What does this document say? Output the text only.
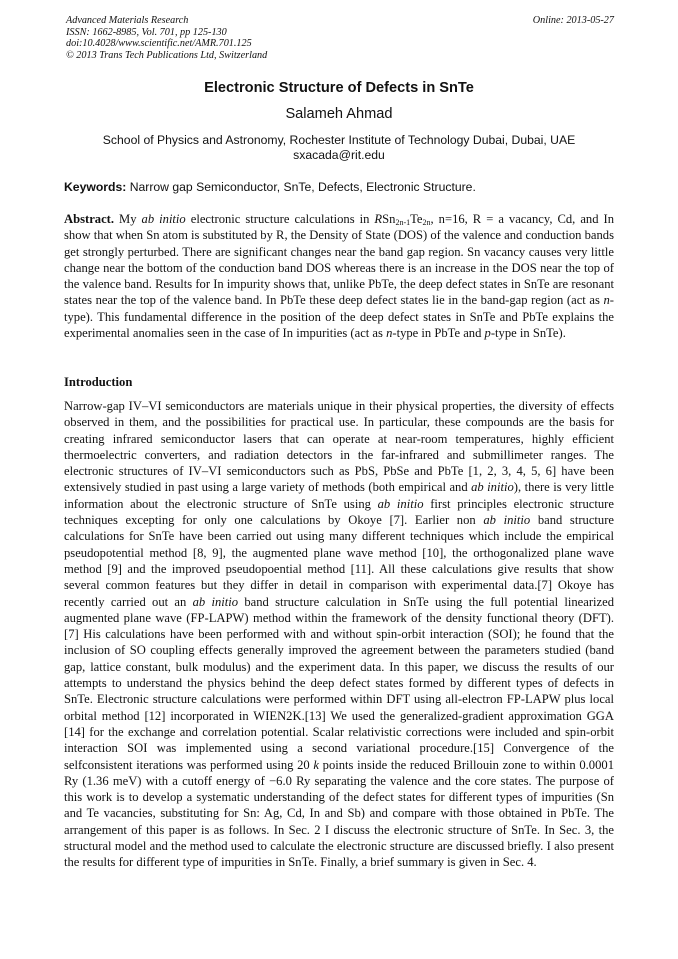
Advanced Materials Research
ISSN: 1662-8985, Vol. 701, pp 125-130
doi:10.4028/www.scientific.net/AMR.701.125
© 2013 Trans Tech Publications Ltd, Switzerland
Online: 2013-05-27
Electronic Structure of Defects in SnTe
Salameh Ahmad
School of Physics and Astronomy, Rochester Institute of Technology Dubai, Dubai, UAE
sxacada@rit.edu
Keywords: Narrow gap Semiconductor, SnTe, Defects, Electronic Structure.
Abstract. My ab initio electronic structure calculations in $RSn_{2n-1}Te_{2n}$, n=16, R = a vacancy, Cd, and In show that when Sn atom is substituted by R, the Density of State (DOS) of the valence and conduction bands get strongly perturbed. There are significant changes near the band gap region. Sn vacancy causes very little change near the bottom of the conduction band DOS whereas there is an increase in the DOS near the top of the valence band. Results for In impurity shows that, unlike PbTe, the deep defect states in SnTe are resonant states near the top of the valence band. In PbTe these deep defect states lie in the band-gap region (act as n-type). This fundamental difference in the position of the deep defect states in SnTe and PbTe explains the experimental anomalies seen in the case of In impurities (act as n-type in PbTe and p-type in SnTe).
Introduction
Narrow-gap IV–VI semiconductors are materials unique in their physical properties, the diversity of effects observed in them, and the possibilities for practical use. In particular, these compounds are the basis for creating infrared semiconductor lasers that can operate at near-room temperatures, highly efficient thermoelectric converters, and radiation detectors in the far-infrared and submillimeter ranges. The electronic structures of IV–VI semiconductors such as PbS, PbSe and PbTe [1, 2, 3, 4, 5, 6] have been extensively studied in past using a large variety of methods (both empirical and ab initio), there is very little information about the electronic structure of SnTe using ab initio first principles electronic structure techniques excepting for only one calculations by Okoye [7]. Earlier non ab initio band structure calculations for SnTe have been carried out using many different techniques which include the empirical pseudopotential method [8, 9], the augmented plane wave method [10], the orthogonalized plane wave method [9] and the improved pseudopoential method [11]. All these calculations give results that show several common features but they differ in detail in comparison with experimental data.[7] Okoye has recently carried out an ab initio band structure calculation in SnTe using the full potential linearized augmented plane wave (FP-LAPW) method within the framework of the density functional theory (DFT). [7] His calculations have been performed with and without spin-orbit interaction (SOI); he found that the inclusion of SO coupling effects generally improved the agreement between the parameters studied (band gap, lattice constant, bulk modulus) and the experiment data. In this paper, we discuss the results of our attempts to understand the physics behind the deep defect states formed by different types of defects in SnTe. Electronic structure calculations were performed within DFT using all-electron FP-LAPW plus local orbital method [12] incorporated in WIEN2K.[13] We used the generalized-gradient approximation GGA [14] for the exchange and correlation potential. Scalar relativistic corrections were included and spin-orbit interaction SOI was implemented using a second variational procedure.[15] Convergence of the selfconsistent iterations was performed using 20 k points inside the reduced Brillouin zone to within 0.0001 Ry (1.36 meV) with a cutoff energy of −6.0 Ry separating the valence and the core states. The purpose of this work is to develop a systematic understanding of the defect states for different types of impurities (Sn and Te vacancies, substituting for Sn: Ag, Cd, In and Sb) and compare with those obtained in PbTe. The arrangement of this paper is as follows. In Sec. 2 I discuss the electronic structure of SnTe. In Sec. 3, the structural model and the method used to calculate the electronic structure are discussed briefly. I also present the results for different type of impurities in SnTe. Finally, a brief summary is given in Sec. 4.
